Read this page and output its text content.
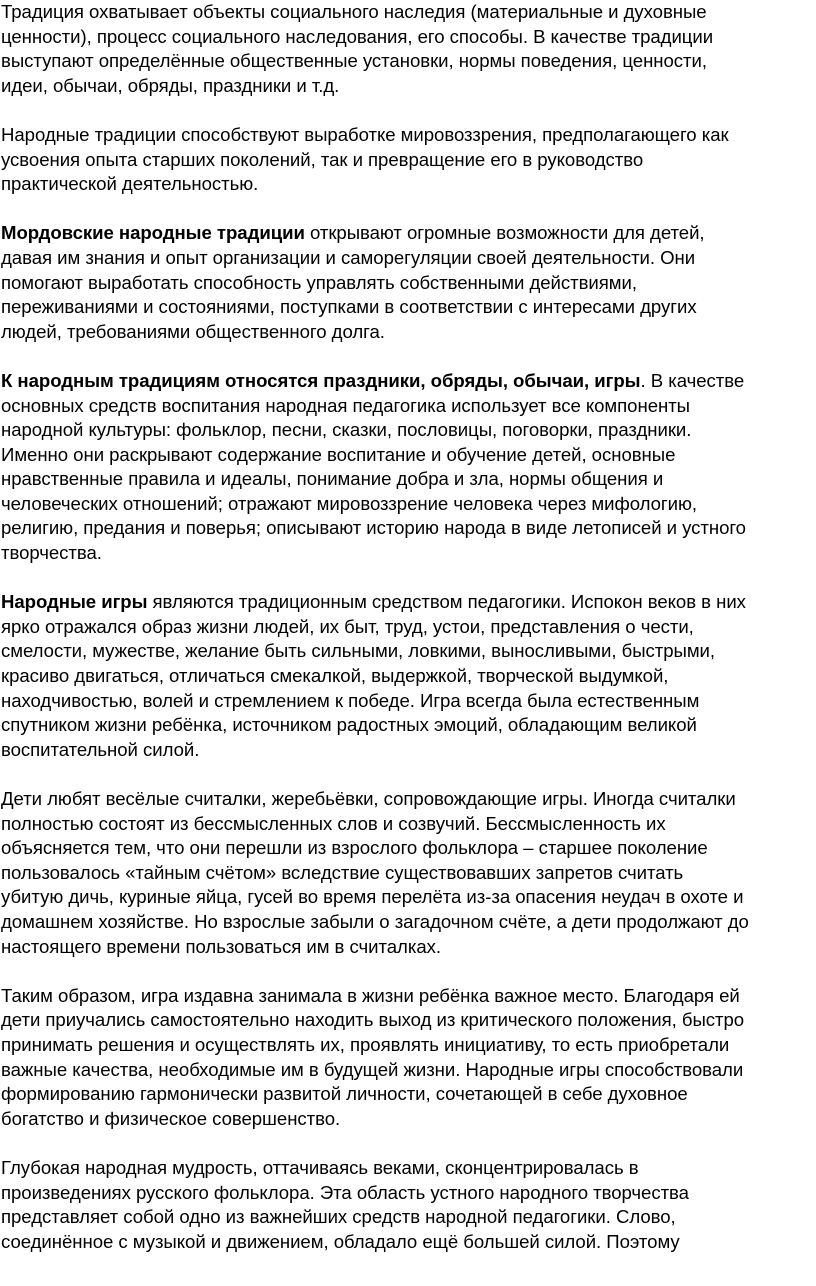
Традиция охватывает объекты социального наследия (материальные и духовные
ценности), процесс социального наследования, его способы. В качестве традиции
выступают определённые общественные установки, нормы поведения, ценности,
идеи, обычаи, обряды, праздники и т.д.

Народные традиции способствуют выработке мировоззрения, предполагающего как
усвоения опыта старших поколений, так и превращение его в руководство
практической деятельностью.

Мордовские народные традиции открывают огромные возможности для детей,
давая им знания и опыт организации и саморегуляции своей деятельности. Они
помогают выработать способность управлять собственными действиями,
переживаниями и состояниями, поступками в соответствии с интересами других
людей, требованиями общественного долга.

К народным традициям относятся праздники, обряды, обычаи, игры. В качестве
основных средств воспитания народная педагогика использует все компоненты
народной культуры: фольклор, песни, сказки, пословицы, поговорки, праздники.
Именно они раскрывают содержание воспитание и обучение детей, основные
нравственные правила и идеалы, понимание добра и зла, нормы общения и
человеческих отношений; отражают мировоззрение человека через мифологию,
религию, предания и поверья; описывают историю народа в виде летописей и устного
творчества.

Народные игры являются традиционным средством педагогики. Испокон веков в них
ярко отражался образ жизни людей, их быт, труд, устои, представления о чести,
смелости, мужестве, желание быть сильными, ловкими, выносливыми, быстрыми,
красиво двигаться, отличаться смекалкой, выдержкой, творческой выдумкой,
находчивостью, волей и стремлением к победе. Игра всегда была естественным
спутником жизни ребёнка, источником радостных эмоций, обладающим великой
воспитательной силой.

Дети любят весёлые считалки, жеребьёвки, сопровождающие игры. Иногда считалки
полностью состоят из бессмысленных слов и созвучий. Бессмысленность их
объясняется тем, что они перешли из взрослого фольклора – старшее поколение
пользовалось «тайным счётом» вследствие существовавших запретов считать
убитую дичь, куриные яйца, гусей во время перелёта из-за опасения неудач в охоте и
домашнем хозяйстве. Но взрослые забыли о загадочном счёте, а дети продолжают до
настоящего времени пользоваться им в считалках.

Таким образом, игра издавна занимала в жизни ребёнка важное место. Благодаря ей
дети приучались самостоятельно находить выход из критического положения, быстро
принимать решения и осуществлять их, проявлять инициативу, то есть приобретали
важные качества, необходимые им в будущей жизни. Народные игры способствовали
формированию гармонически развитой личности, сочетающей в себе духовное
богатство и физическое совершенство.

Глубокая народная мудрость, оттачиваясь веками, сконцентрировалась в
произведениях русского фольклора. Эта область устного народного творчества
представляет собой одно из важнейших средств народной педагогики. Слово,
соединённое с музыкой и движением, обладало ещё большей силой. Поэтому
